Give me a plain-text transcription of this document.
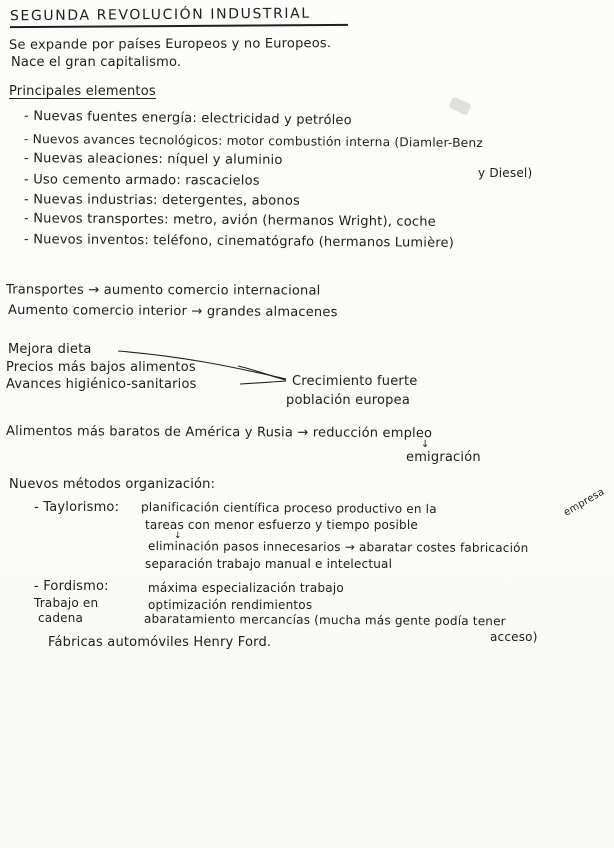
SEGUNDA REVOLUCIÓN INDUSTRIAL
Se expande por países Europeos y no Europeos.
Nace el gran capitalismo.
Principales elementos
- Nuevas fuentes energía: electricidad y petróleo
- Nuevos avances tecnológicos: motor combustión interna (Diamler-Benz
y Diesel)
- Nuevas aleaciones: níquel y aluminio
- Uso cemento armado: rascacielos
- Nuevas industrias: detergentes, abonos
- Nuevos transportes: metro, avión (hermanos Wright), coche
- Nuevos inventos: teléfono, cinematógrafo (hermanos Lumière)
Transportes → aumento comercio internacional
Aumento comercio interior → grandes almacenes
Mejora dieta
Precios más bajos alimentos
Avances higiénico-sanitarios	Crecimiento fuerte
población europea
Alimentos más baratos de América y Rusia → reducción empleo
↓
emigración
Nuevos métodos organización:
- Taylorismo: planificación científica proceso productivo en la	empresa
tareas con menor esfuerzo y tiempo posible
↓
eliminación pasos innecesarios → abaratar costes fabricación
separación trabajo manual e intelectual
- Fordismo:
Trabajo en
cadena
máxima especialización trabajo
optimización rendimientos
abaratamiento mercancías (mucha más gente podía tener
acceso)
Fábricas automóviles Henry Ford.
